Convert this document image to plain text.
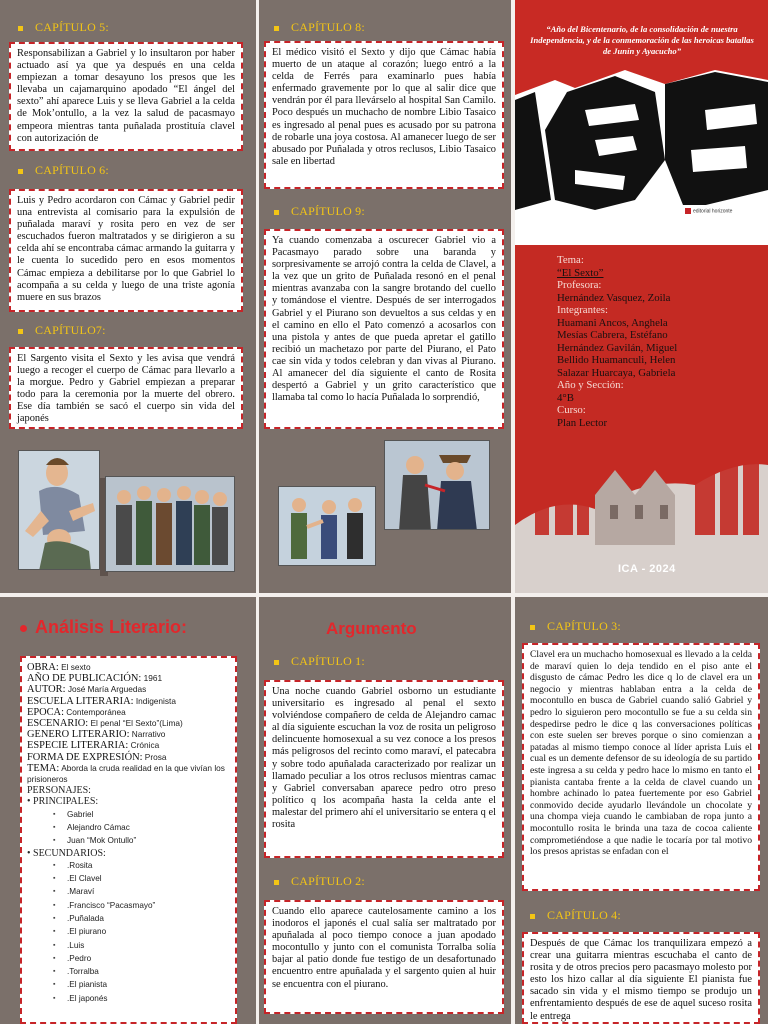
CAPÍTULO 5:
Responsabilizan a Gabriel y lo insultaron por haber actuado así ya que ya después en una celda empiezan a tomar desayuno los presos que les llevaba un cajamarquino apodado “El ángel del sexto” ahí aparece Luis y se lleva Gabriel a la celda de Mok’ontullo, a la vez la salud de pacasmayo empeora mientras tanta puñalada prostituía clavel con autorización de
CAPÍTULO 6:
Luis y Pedro acordaron con Cámac y Gabriel pedir una entrevista al comisario para la expulsión de puñalada maraví y rosita pero en vez de ser escuchados fueron maltratados y se dirigieron a su celda ahí se encontraba cámac armando la guitarra y le cuenta lo sucedido pero en esos momentos Cámac empieza a debilitarse por lo que Gabriel lo acompaña a su celda y luego de una triste agonía muere en sus brazos
CAPÍTULO7:
El Sargento visita el Sexto y les avisa que vendrá luego a recoger el cuerpo de Cámac para llevarlo a la morgue. Pedro y Gabriel empiezan a preparar todo para la ceremonia por la muerte del obrero. Ese día también se sacó el cuerpo sin vida del japonés
CAPÍTULO 8:
El médico visitó el Sexto y dijo que Cámac había muerto de un ataque al corazón; luego entró a la celda de Ferrés para examinarlo pues había enfermado gravemente por lo que al salir dice que vendrán por él para llevárselo al hospital San Camilo. Poco después un muchacho de nombre Libio Tasaico es ingresado al penal pues es acusado por su patrona de robarle una joya costosa. Al amanecer luego de ser abusado por Puñalada y otros reclusos, Libio Tasaico sale en libertad
CAPÍTULO 9:
Ya cuando comenzaba a oscurecer Gabriel vio a Pacasmayo parado sobre una baranda y sorpresivamente se arrojó contra la celda de Clavel, a la vez que un grito de Puñalada resonó en el penal mientras avanzaba con la sangre brotando del cuello y tomándose el vientre. Después de ser interrogados Gabriel y el Piurano son devueltos a sus celdas y en el camino en ello el Pato comenzó a acosarlos con una pistola y antes de que pueda apretar el gatillo recibió un machetazo por parte del Piurano, el Pato cae sin vida y todos celebran y dan vivas al Piurano. Al amanecer del día siguiente el canto de Rosita despertó a Gabriel y un grito característico que llamaba tal como lo hacía Puñalada lo sorprendió,
“Año del Bicentenario, de la consolidación de nuestra Independencia, y de la conmemoración de las heroicas batallas de Junín y Ayacucho”
editorial horizonte
Tema:
“El Sexto”
Profesora:
Hernández Vasquez, Zoila
Integrantes:
Huamani Ancos, Anghela
Mesías Cabrera, Estéfano
Hernández Gavilán, Miguel
Bellido Huamanculi, Helen
Salazar Huarcaya, Gabriela
Año y Sección:
4°B
Curso:
Plan Lector
ICA - 2024
Análisis Literario:
OBRA: El sexto
AÑO DE PUBLICACIÓN: 1961
AUTOR: José María Arguedas
ESCUELA LITERARIA: Indigenista
EPOCA: Contemporánea
ESCENARIO: El penal “El Sexto”(Lima)
GENERO LITERARIO: Narrativo
ESPECIE LITERARIA: Crónica
FORMA DE EXPRESIÓN: Prosa
TEMA: Aborda la cruda realidad en la que vivían los prisioneros
PERSONAJES:
• PRINCIPALES:
▪ Gabriel
▪ Alejandro Cámac
▪ Juan “Mok Ontullo”
• SECUNDARIOS:
▪ .Rosita
▪ .El Clavel
▪ .Maraví
▪ .Francisco “Pacasmayo”
▪ .Puñalada
▪ .El piurano
▪ .Luis
▪ .Pedro
▪ .Torralba
▪ .El pianista
▪ .El japonés
Argumento
CAPÍTULO 1:
Una noche cuando Gabriel osborno un estudiante universitario es ingresado al penal el sexto volviéndose compañero de celda de Alejandro camac al día siguiente escuchan la voz de rosita un peligroso delincuente homosexual a su vez conoce a los presos más peligrosos del recinto como maraví, el patecabra y sobre todo apuñalada caracterizado por realizar un llamado peculiar a los otros reclusos mientras camac y Gabriel conversaban aparece pedro otro preso político q los acompaña hasta la celda ante el malestar del primero ahí el universitario se entera q el rosita
CAPÍTULO 2:
Cuando ello aparece cautelosamente camino a los inodoros el japonés el cual salía ser maltratado por apuñalada al poco tiempo conoce a juan apodado mocontullo y junto con el comunista Torralba solía bajar al patio donde fue testigo de un desafortunado encuentro entre apuñalada y el sargento quien al huir se encuentra con el piurano.
CAPÍTULO 3:
Clavel era un muchacho homosexual es llevado a la celda de maraví quien lo deja tendido en el piso ante el disgusto de cámac Pedro les dice q lo de clavel era un negocio y mientras hablaban entra a la celda de mocontullo en busca de Gabriel cuando salió Gabriel y pedro lo siguieron pero mocontullo se fue a su celda sin despedirse pedro le dice q las conversaciones políticas con este suelen ser breves porque o sino comienzan a patadas al mismo tiempo conoce al líder aprista Luis el cual es un demente defensor de su ideología de su partido este ingresa a su celda y pedro hace lo mismo en tanto el pianista cantaba frente a la celda de clavel cuando un hombre achinado lo patea fuertemente por eso Gabriel conmovido decide ayudarlo llevándole un chocolate y una chompa vieja cuando le cambiaban de ropa junto a mocontullo rosita le brinda una taza de cocoa caliente comprometiéndose a que nadie le tocaría por tal motivo los presos apristas se enfadan con el
CAPÍTULO 4:
Después de que Cámac los tranquilizara empezó a crear una guitarra mientras escuchaba el canto de rosita y de otros precios pero pacasmayo molesto por esto los hizo callar al día siguiente El pianista fue sacado sin vida y el mismo tiempo se produjo un enfrentamiento después de ese de aquel suceso rosita le entrega
